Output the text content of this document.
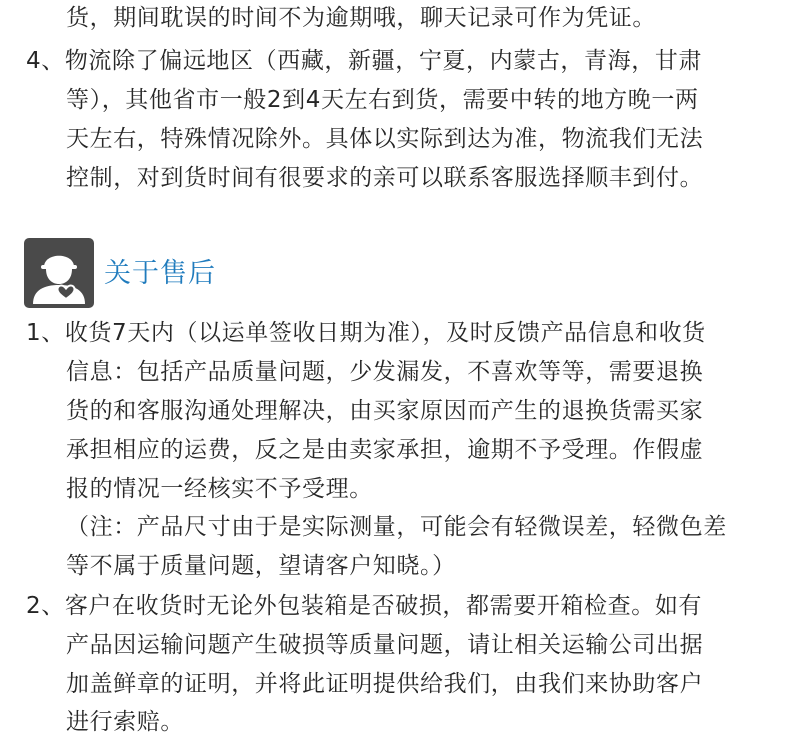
货，期间耽误的时间不为逾期哦，聊天记录可作为凭证。
4、物流除了偏远地区（西藏，新疆，宁夏，内蒙古，青海，甘肃
等），其他省市一般2到4天左右到货，需要中转的地方晚一两
天左右，特殊情况除外。具体以实际到达为准，物流我们无法
控制，对到货时间有很要求的亲可以联系客服选择顺丰到付。
关于售后
1、收货7天内（以运单签收日期为准），及时反馈产品信息和收货
信息：包括产品质量问题，少发漏发，不喜欢等等，需要退换
货的和客服沟通处理解决，由买家原因而产生的退换货需买家
承担相应的运费，反之是由卖家承担，逾期不予受理。作假虚
报的情况一经核实不予受理。
（注：产品尺寸由于是实际测量，可能会有轻微误差，轻微色差
等不属于质量问题，望请客户知晓。）
2、客户在收货时无论外包装箱是否破损，都需要开箱检查。如有
产品因运输问题产生破损等质量问题，请让相关运输公司出据
加盖鲜章的证明，并将此证明提供给我们，由我们来协助客户
进行索赔。
